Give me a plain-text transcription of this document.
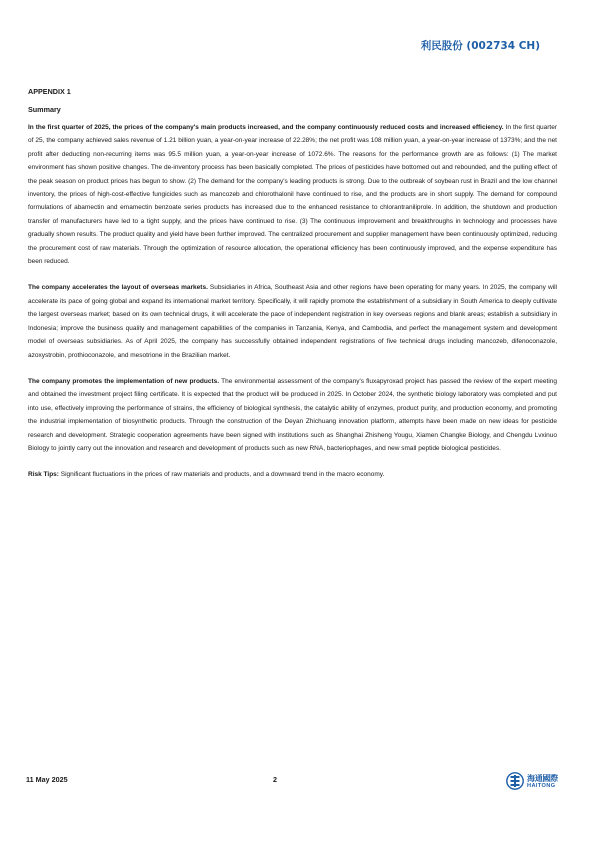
利民股份 (002734 CH)

APPENDIX 1

Summary

In the first quarter of 2025, the prices of the company's main products increased, and the company continuously reduced costs and increased efficiency. In the first quarter of 25, the company achieved sales revenue of 1.21 billion yuan, a year-on-year increase of 22.28%; the net profit was 108 million yuan, a year-on-year increase of 1373%; and the net profit after deducting non-recurring items was 95.5 million yuan, a year-on-year increase of 1072.6%. The reasons for the performance growth are as follows: (1) The market environment has shown positive changes. The de-inventory process has been basically completed. The prices of pesticides have bottomed out and rebounded, and the pulling effect of the peak season on product prices has begun to show. (2) The demand for the company's leading products is strong. Due to the outbreak of soybean rust in Brazil and the low channel inventory, the prices of high-cost-effective fungicides such as mancozeb and chlorothalonil have continued to rise, and the products are in short supply. The demand for compound formulations of abamectin and emamectin benzoate series products has increased due to the enhanced resistance to chlorantraniliprole. In addition, the shutdown and production transfer of manufacturers have led to a tight supply, and the prices have continued to rise. (3) The continuous improvement and breakthroughs in technology and processes have gradually shown results. The product quality and yield have been further improved. The centralized procurement and supplier management have been continuously optimized, reducing the procurement cost of raw materials. Through the optimization of resource allocation, the operational efficiency has been continuously improved, and the expense expenditure has been reduced.

The company accelerates the layout of overseas markets. Subsidiaries in Africa, Southeast Asia and other regions have been operating for many years. In 2025, the company will accelerate its pace of going global and expand its international market territory. Specifically, it will rapidly promote the establishment of a subsidiary in South America to deeply cultivate the largest overseas market; based on its own technical drugs, it will accelerate the pace of independent registration in key overseas regions and blank areas; establish a subsidiary in Indonesia; improve the business quality and management capabilities of the companies in Tanzania, Kenya, and Cambodia, and perfect the management system and development model of overseas subsidiaries. As of April 2025, the company has successfully obtained independent registrations of five technical drugs including mancozeb, difenoconazole, azoxystrobin, prothioconazole, and mesotrione in the Brazilian market.

The company promotes the implementation of new products. The environmental assessment of the company's fluxapyroxad project has passed the review of the expert meeting and obtained the investment project filing certificate. It is expected that the product will be produced in 2025. In October 2024, the synthetic biology laboratory was completed and put into use, effectively improving the performance of strains, the efficiency of biological synthesis, the catalytic ability of enzymes, product purity, and production economy, and promoting the industrial implementation of biosynthetic products. Through the construction of the Deyan Zhichuang innovation platform, attempts have been made on new ideas for pesticide research and development. Strategic cooperation agreements have been signed with institutions such as Shanghai Zhisheng Yougu, Xiamen Changke Biology, and Chengdu Lvxinuo Biology to jointly carry out the innovation and research and development of products such as new RNA, bacteriophages, and new small peptide biological pesticides.

Risk Tips: Significant fluctuations in the prices of raw materials and products, and a downward trend in the macro economy.

11 May 2025	2	海通國際
HAITONG
